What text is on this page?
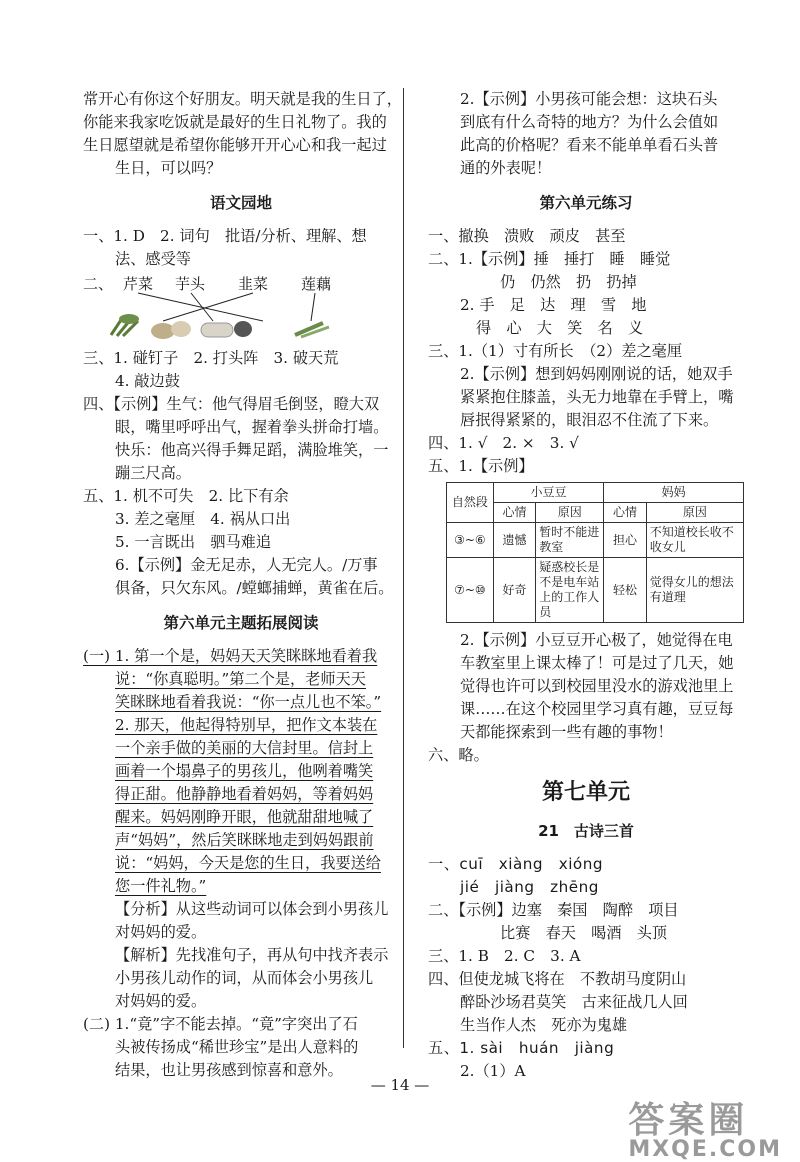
常开心有你这个好朋友。明天就是我的生日了，
你能来我家吃饭就是最好的生日礼物了。我的
生日愿望就是希望你能够开开心心和我一起过
生日，可以吗？
语文园地
一、1. D　2. 词句　批语/分析、理解、想
法、感受等
二、 芹菜 芋头 韭菜 莲藕
三、1. 碰钉子　2. 打头阵　3. 破天荒
4. 敲边鼓
四、【示例】生气：他气得眉毛倒竖，瞪大双
眼，嘴里呼呼出气，握着拳头拼命打墙。
快乐：他高兴得手舞足蹈，满脸堆笑，一
蹦三尺高。
五、1. 机不可失　2. 比下有余
3. 差之毫厘　4. 祸从口出
5. 一言既出　驷马难追
6.【示例】金无足赤，人无完人。/万事
俱备，只欠东风。/螳螂捕蝉，黄雀在后。
第六单元主题拓展阅读
(一) 1. 第一个是，妈妈天天笑眯眯地看着我
说：“你真聪明。”第二个是，老师天天
笑眯眯地看着我说：“你一点儿也不笨。”
2. 那天，他起得特别早，把作文本装在
一个亲手做的美丽的大信封里。信封上
画着一个塌鼻子的男孩儿，他咧着嘴笑
得正甜。他静静地看着妈妈，等着妈妈
醒来。妈妈刚睁开眼，他就甜甜地喊了
声“妈妈”，然后笑眯眯地走到妈妈跟前
说：“妈妈，今天是您的生日，我要送给
您一件礼物。”
【分析】从这些动词可以体会到小男孩儿
对妈妈的爱。
【解析】先找准句子，再从句中找齐表示
小男孩儿动作的词，从而体会小男孩儿
对妈妈的爱。
(二) 1.“竟”字不能去掉。“竟”字突出了石
头被传扬成“稀世珍宝”是出人意料的
结果，也让男孩感到惊喜和意外。
2.【示例】小男孩可能会想：这块石头
到底有什么奇特的地方？为什么会值如
此高的价格呢？看来不能单单看石头普
通的外表呢！
第六单元练习
一、撤换　溃败　顽皮　甚至
二、1.【示例】捶　捶打　睡　睡觉
仍　仍然　扔　扔掉
2. 手　足　达　理　雪　地
得　心　大　笑　名　义
三、1.（1）寸有所长　（2）差之毫厘
2.【示例】想到妈妈刚刚说的话，她双手
紧紧抱住膝盖，头无力地靠在手臂上，嘴
唇抿得紧紧的，眼泪忍不住流了下来。
四、1. √　2. ×　3. √
五、1.【示例】
自然段	小豆豆		妈妈	
	心情	原因	心情	原因
③~⑥	遗憾	暂时不能进教室	担心	不知道校长收不收女儿
⑦~⑩	好奇	疑惑校长是不是电车站上的工作人员	轻松	觉得女儿的想法有道理
2.【示例】小豆豆开心极了，她觉得在电
车教室里上课太棒了！可是过了几天，她
觉得也许可以到校园里没水的游戏池里上
课……在这个校园里学习真有趣，豆豆每
天都能探索到一些有趣的事物！
六、略。
第七单元
21　古诗三首
一、cuī　xiàng　xióng
jié　jiàng　zhēng
二、【示例】边塞　秦国　陶醉　项目
比赛　春天　喝酒　头顶
三、1. B　2. C　3. A
四、但使龙城飞将在　不教胡马度阴山
醉卧沙场君莫笑　古来征战几人回
生当作人杰　死亦为鬼雄
五、1. sài　huán　jiàng
2.（1）A
— 14 —
答案圈
MXQE.COM
